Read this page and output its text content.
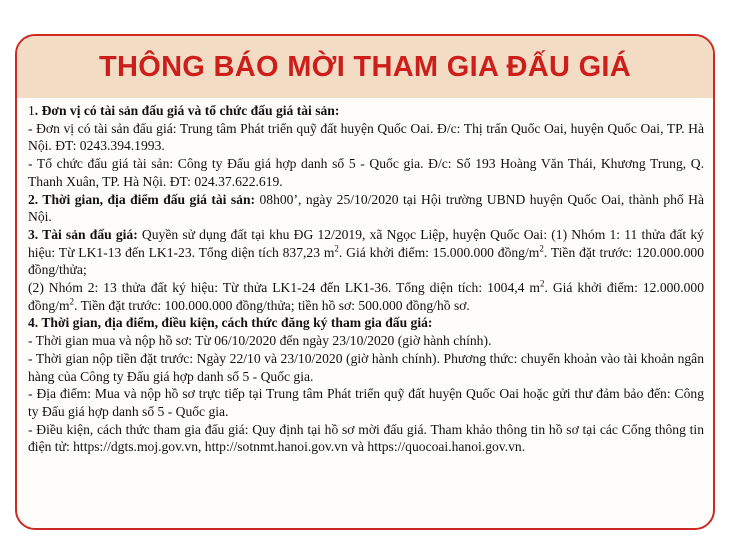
THÔNG BÁO MỜI THAM GIA ĐẤU GIÁ

1. Đơn vị có tài sản đấu giá và tổ chức đấu giá tài sản:

- Đơn vị có tài sản đấu giá: Trung tâm Phát triển quỹ đất huyện Quốc Oai. Đ/c: Thị trấn Quốc Oai, huyện Quốc Oai, TP. Hà Nội. ĐT: 0243.394.1993.

- Tổ chức đấu giá tài sản: Công ty Đấu giá hợp danh số 5 - Quốc gia. Đ/c: Số 193 Hoàng Văn Thái, Khương Trung, Q. Thanh Xuân, TP. Hà Nội. ĐT: 024.37.622.619.

2. Thời gian, địa điểm đấu giá tài sản: 08h00’, ngày 25/10/2020 tại Hội trường UBND huyện Quốc Oai, thành phố Hà Nội.

3. Tài sản đấu giá: Quyền sử dụng đất tại khu ĐG 12/2019, xã Ngọc Liệp, huyện Quốc Oai: (1) Nhóm 1: 11 thửa đất ký hiệu: Từ LK1-13 đến LK1-23. Tổng diện tích 837,23 $m^2$. Giá khởi điểm: 15.000.000 đồng/$m^2$. Tiền đặt trước: 120.000.000 đồng/thửa;

(2) Nhóm 2: 13 thửa đất ký hiệu: Từ thửa LK1-24 đến LK1-36. Tổng diện tích: 1004,4 $m^2$. Giá khởi điểm: 12.000.000 đồng/$m^2$. Tiền đặt trước: 100.000.000 đồng/thửa; tiền hồ sơ: 500.000 đồng/hồ sơ.

4. Thời gian, địa điểm, điều kiện, cách thức đăng ký tham gia đấu giá:

- Thời gian mua và nộp hồ sơ: Từ 06/10/2020 đến ngày 23/10/2020 (giờ hành chính).

- Thời gian nộp tiền đặt trước: Ngày 22/10 và 23/10/2020 (giờ hành chính). Phương thức: chuyển khoản vào tài khoản ngân hàng của Công ty Đấu giá hợp danh số 5 - Quốc gia.

- Địa điểm: Mua và nộp hồ sơ trực tiếp tại Trung tâm Phát triển quỹ đất huyện Quốc Oai hoặc gửi thư đảm bảo đến: Công ty Đấu giá hợp danh số 5 - Quốc gia.

- Điều kiện, cách thức tham gia đấu giá: Quy định tại hồ sơ mời đấu giá. Tham khảo thông tin hồ sơ tại các Cổng thông tin điện tử: https://dgts.moj.gov.vn, http://sotnmt.hanoi.gov.vn và https://quocoai.hanoi.gov.vn.
